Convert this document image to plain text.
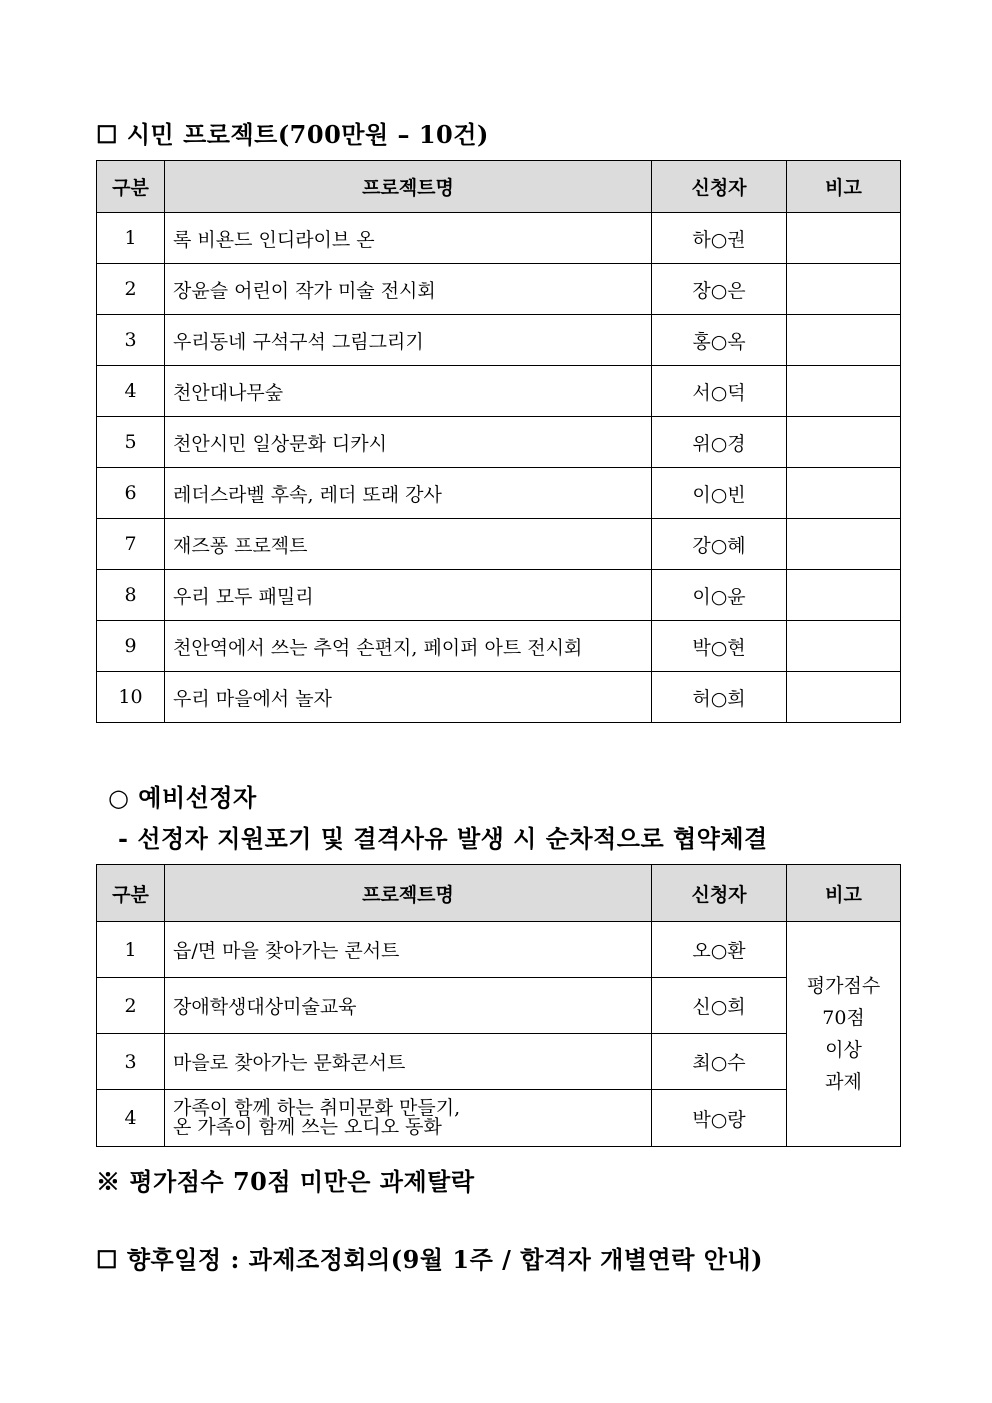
☐ 시민 프로젝트(700만원 – 10건)
구분	프로젝트명	신청자	비고
1	록 비욘드 인디라이브 온	하○권	
2	장윤슬 어린이 작가 미술 전시회	장○은	
3	우리동네 구석구석 그림그리기	홍○옥	
4	천안대나무숲	서○덕	
5	천안시민 일상문화 디카시	위○경	
6	레더스라벨 후속, 레더 또래 강사	이○빈	
7	재즈퐁 프로젝트	강○혜	
8	우리 모두 패밀리	이○윤	
9	천안역에서 쓰는 추억 손편지, 페이퍼 아트 전시회	박○현	
10	우리 마을에서 놀자	허○희	
○ 예비선정자
- 선정자 지원포기 및 결격사유 발생 시 순차적으로 협약체결
구분	프로젝트명	신청자	비고
1	읍/면 마을 찾아가는 콘서트	오○환	평가점수
70점
이상
과제

2	장애학생대상미술교육	신○희	
3	마을로 찾아가는 문화콘서트	최○수	
4	가족이 함께 하는 취미문화 만들기,
온 가족이 함께 쓰는 오디오 동화	박○랑	
※ 평가점수 70점 미만은 과제탈락
☐ 향후일정 : 과제조정회의(9월 1주 / 합격자 개별연락 안내)
